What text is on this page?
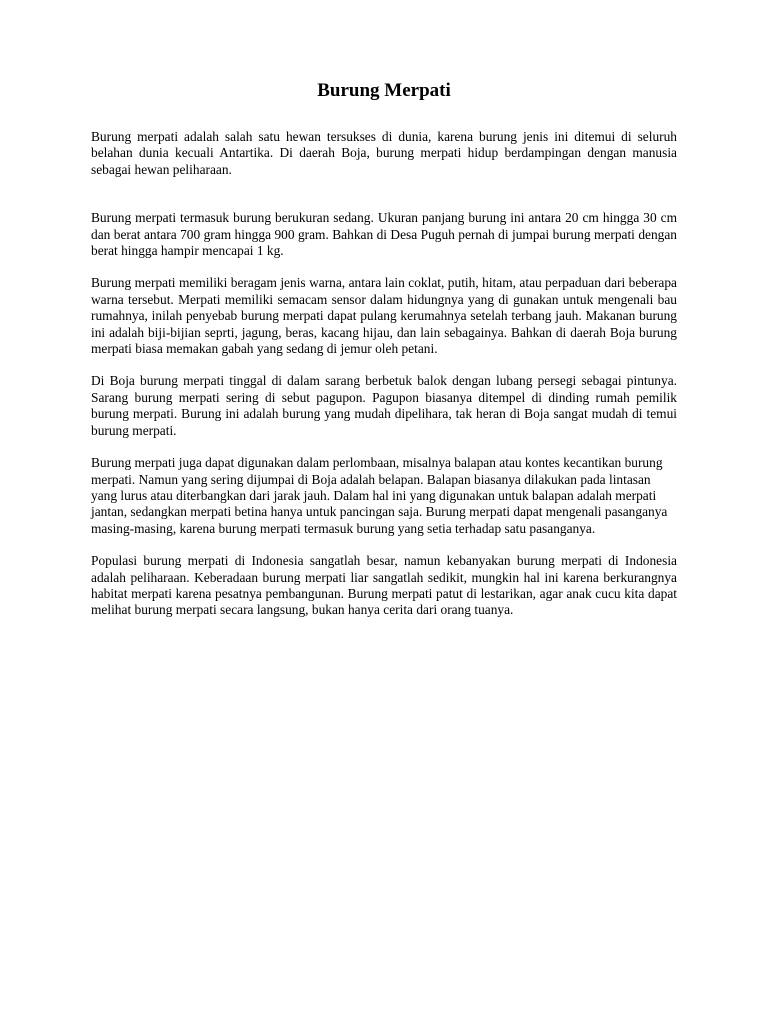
Burung Merpati

Burung merpati adalah salah satu hewan tersukses di dunia, karena burung jenis ini ditemui di seluruh belahan dunia kecuali Antartika. Di daerah Boja, burung merpati hidup berdampingan dengan manusia sebagai hewan peliharaan.

Burung merpati termasuk burung berukuran sedang. Ukuran panjang burung ini antara 20 cm hingga 30 cm dan berat antara 700 gram hingga 900 gram. Bahkan di Desa Puguh pernah di jumpai burung merpati dengan berat hingga hampir mencapai 1 kg.

Burung merpati memiliki beragam jenis warna, antara lain coklat, putih, hitam, atau perpaduan dari beberapa warna tersebut. Merpati memiliki semacam sensor dalam hidungnya yang di gunakan untuk mengenali bau rumahnya, inilah penyebab burung merpati dapat pulang kerumahnya setelah terbang jauh. Makanan burung ini adalah biji-bijian seprti, jagung, beras, kacang hijau, dan lain sebagainya. Bahkan di daerah Boja burung merpati biasa memakan gabah yang sedang di jemur oleh petani.

Di Boja burung merpati tinggal di dalam sarang berbetuk balok dengan lubang persegi sebagai pintunya. Sarang burung merpati sering di sebut pagupon. Pagupon biasanya ditempel di dinding rumah pemilik burung merpati. Burung ini adalah burung yang mudah dipelihara, tak heran di Boja sangat mudah di temui burung merpati.

Burung merpati juga dapat digunakan dalam perlombaan, misalnya balapan atau kontes kecantikan burung merpati. Namun yang sering dijumpai di Boja adalah belapan. Balapan biasanya dilakukan pada lintasan yang lurus atau diterbangkan dari jarak jauh. Dalam hal ini yang digunakan untuk balapan adalah merpati jantan, sedangkan merpati betina hanya untuk pancingan saja. Burung merpati dapat mengenali pasanganya masing-masing, karena burung merpati termasuk burung yang setia terhadap satu pasanganya.

Populasi burung merpati di Indonesia sangatlah besar, namun kebanyakan burung merpati di Indonesia adalah peliharaan. Keberadaan burung merpati liar sangatlah sedikit, mungkin hal ini karena berkurangnya habitat merpati karena pesatnya pembangunan. Burung merpati patut di lestarikan, agar anak cucu kita dapat melihat burung merpati secara langsung, bukan hanya cerita dari orang tuanya.
